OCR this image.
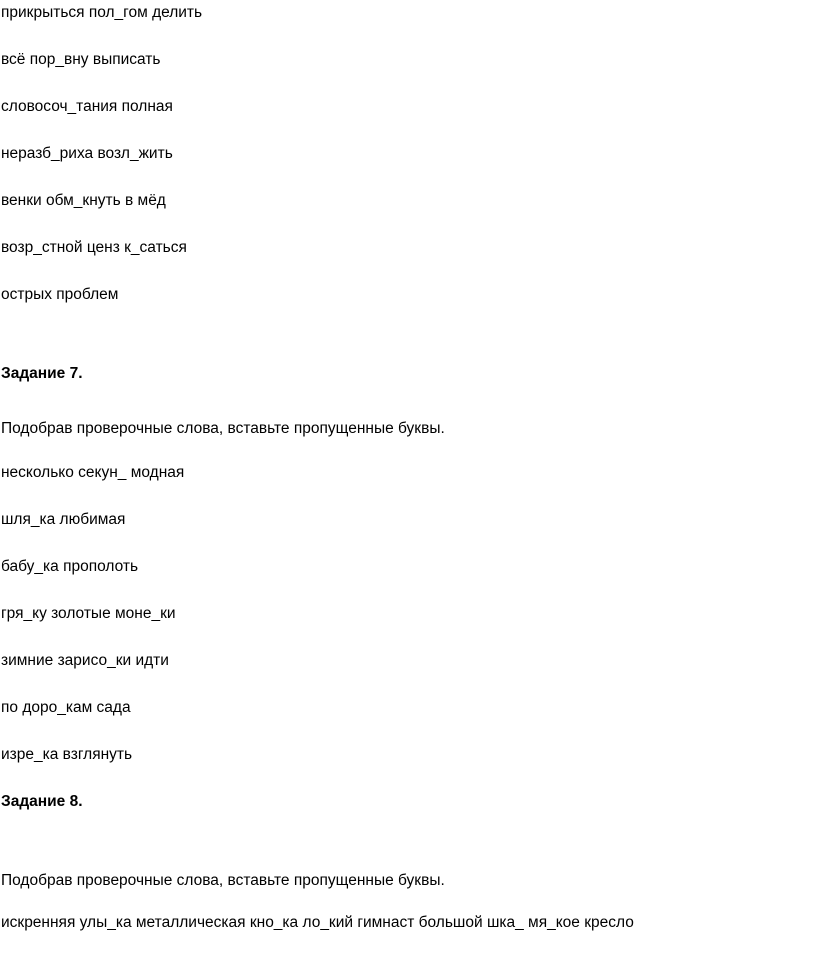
прикрыться пол_гом делить
всё пор_вну выписать
словосоч_тания полная
неразб_риха возл_жить
венки обм_кнуть в мёд
возр_стной ценз к_саться
острых проблем
Задание 7.
Подобрав проверочные слова, вставьте пропущенные буквы.
несколько секун_ модная
шля_ка любимая
бабу_ка прополоть
гря_ку золотые моне_ки
зимние зарисо_ки идти
по доро_кам сада
изре_ка взглянуть
Задание 8.
Подобрав проверочные слова, вставьте пропущенные буквы.
искренняя улы_ка металлическая кно_ка ло_кий гимнаст большой шка_ мя_кое кресло
